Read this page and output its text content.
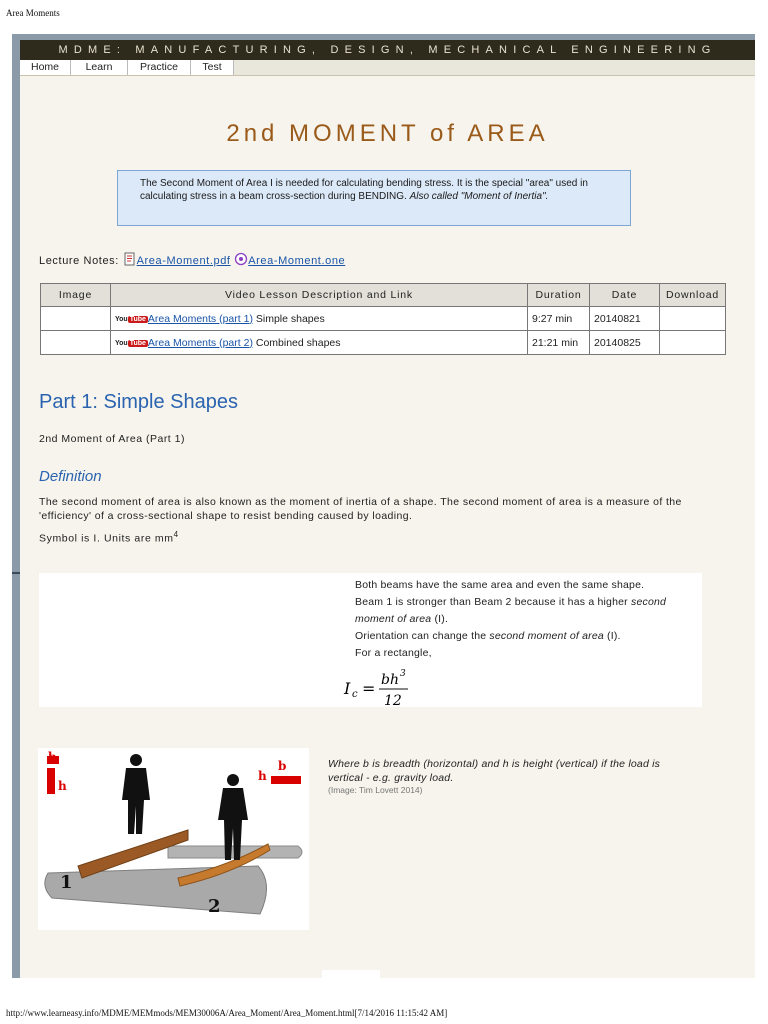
Area Moments
MDME: MANUFACTURING, DESIGN, MECHANICAL ENGINEERING
Home	Learn	Practice	Test
2nd MOMENT of AREA
The Second Moment of Area I is needed for calculating bending stress. It is the special "area" used in calculating stress in a beam cross-section during BENDING. Also called "Moment of Inertia".
Lecture Notes: Area-Moment.pdf Area-Moment.one
Image	Video Lesson Description and Link	Duration	Date	Download
	You Tube Area Moments (part 1) Simple shapes	9:27 min	20140821	
	You Tube Area Moments (part 2) Combined shapes	21:21 min	20140825	
Part 1: Simple Shapes
2nd Moment of Area (Part 1)
Definition
The second moment of area is also known as the moment of inertia of a shape. The second moment of area is a measure of the 'efficiency' of a cross-sectional shape to resist bending caused by loading.
Symbol is I. Units are $mm^4$
Both beams have the same area and even the same shape.
Beam 1 is stronger than Beam 2 because it has a higher second moment of area (I).
Orientation can change the second moment of area (I).
For a rectangle,
I c = bh 3
12
b
h
h
b
1
2
Where b is breadth (horizontal) and h is height (vertical) if the load is vertical - e.g. gravity load.
(Image: Tim Lovett 2014)
http://www.learneasy.info/MDME/MEMmods/MEM30006A/Area_Moment/Area_Moment.html[7/14/2016 11:15:42 AM]
